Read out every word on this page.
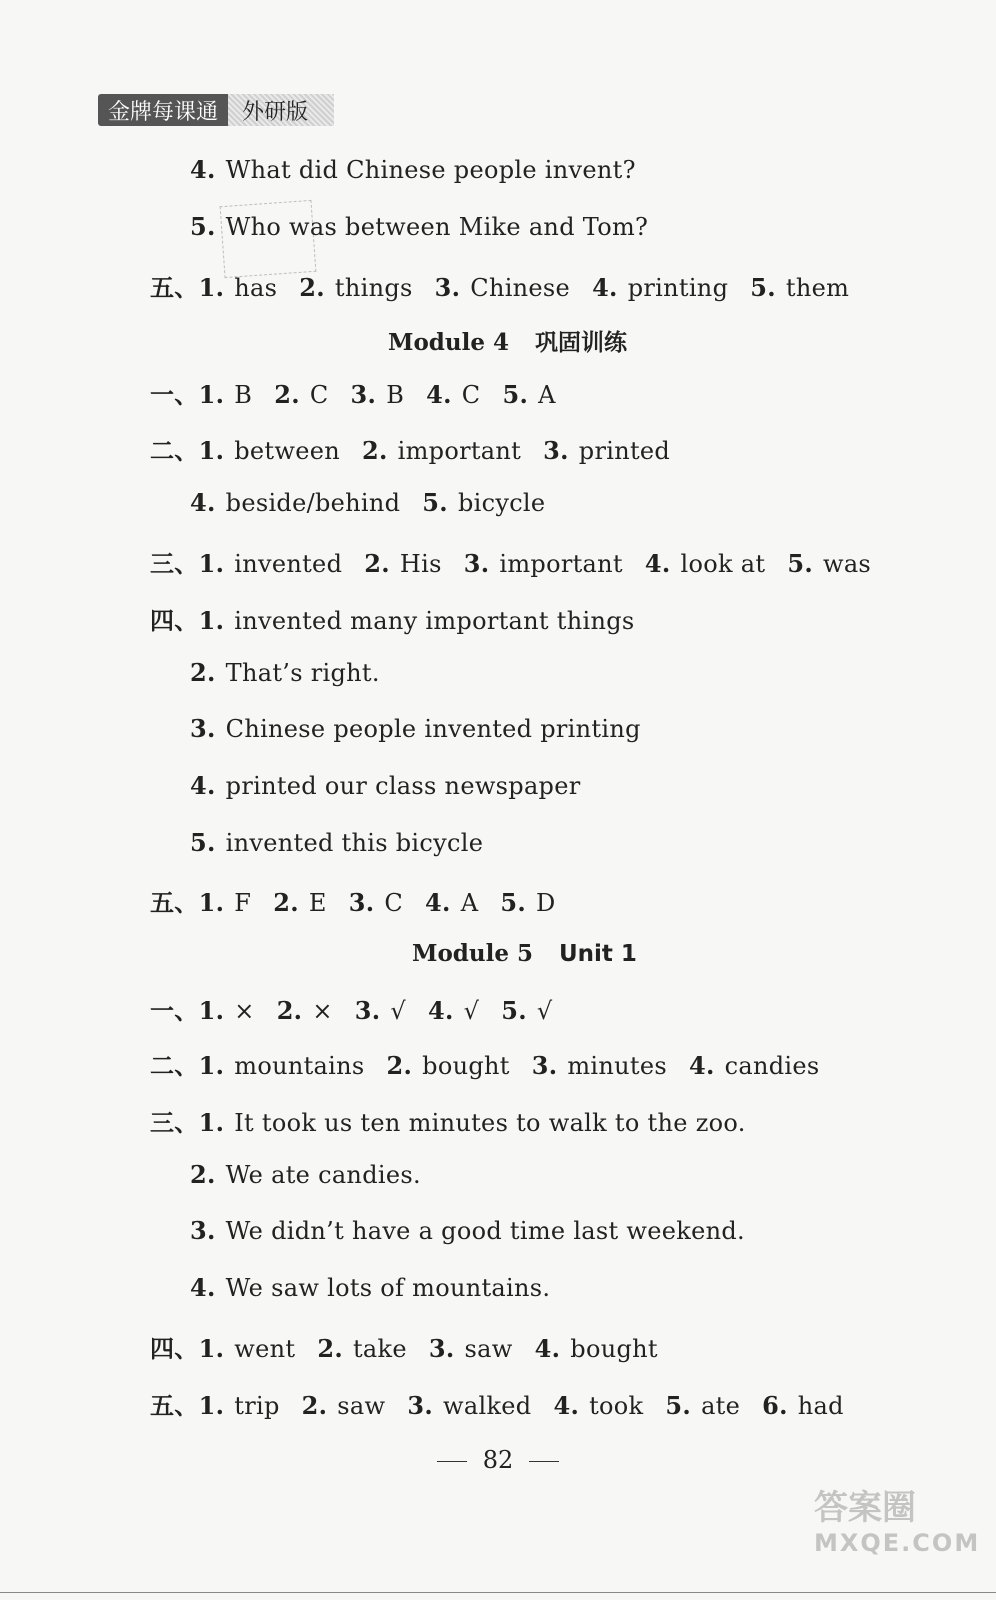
金牌每课通	外研版
4. What did Chinese people invent?
5. Who was between Mike and Tom?
五、1. has 2. things 3. Chinese 4. printing 5. them
Module 4 巩固训练
一、1. B 2. C 3. B 4. C 5. A
二、1. between 2. important 3. printed
4. beside/behind 5. bicycle
三、1. invented 2. His 3. important 4. look at 5. was
四、1. invented many important things
2. That’s right.
3. Chinese people invented printing
4. printed our class newspaper
5. invented this bicycle
五、1. F 2. E 3. C 4. A 5. D
Module 5 Unit 1
一、1. × 2. × 3. √ 4. √ 5. √
二、1. mountains 2. bought 3. minutes 4. candies
三、1. It took us ten minutes to walk to the zoo.
2. We ate candies.
3. We didn’t have a good time last weekend.
4. We saw lots of mountains.
四、1. went 2. take 3. saw 4. bought
五、1. trip 2. saw 3. walked 4. took 5. ate 6. had
82
答案圈
MXQE.COM
